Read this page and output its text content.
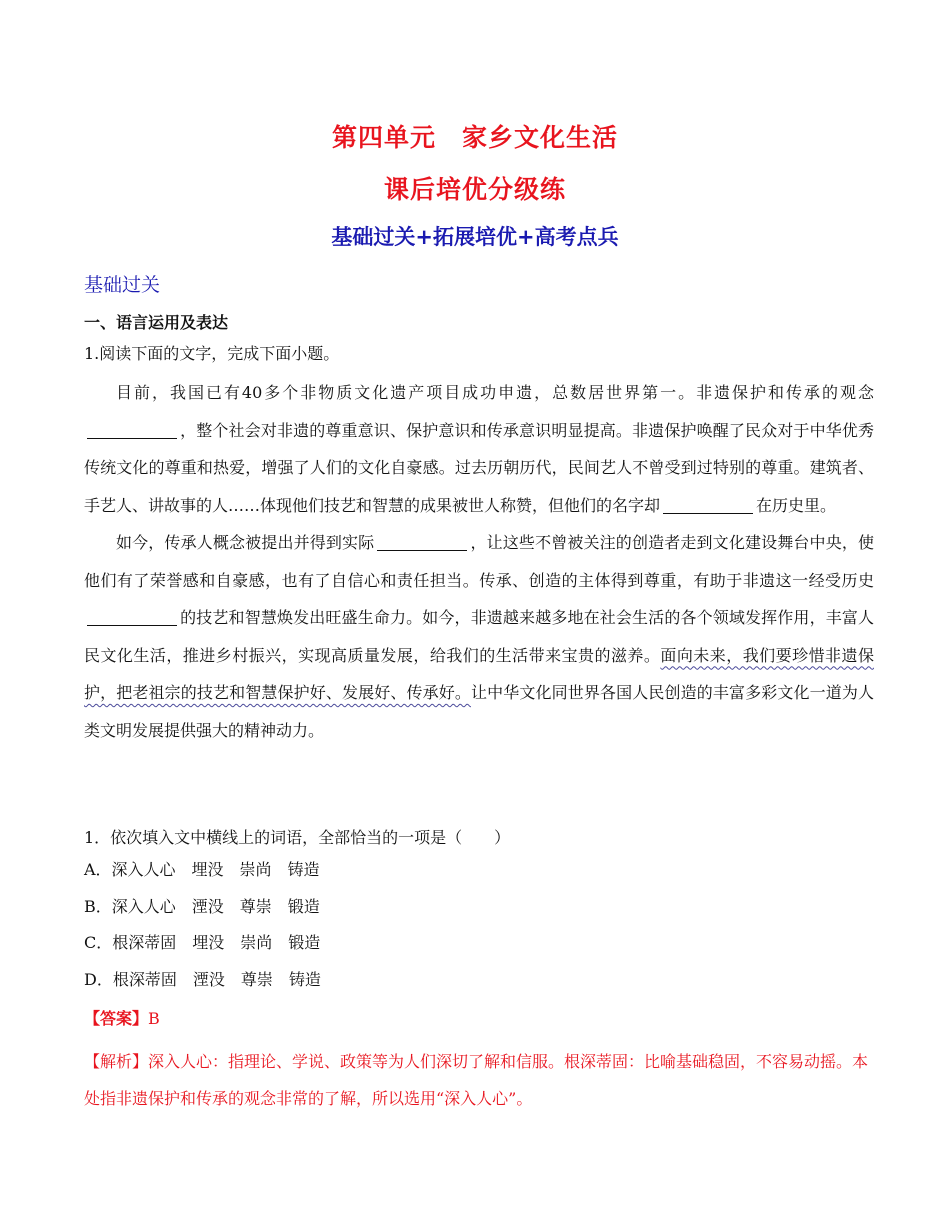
第四单元　家乡文化生活
课后培优分级练
基础过关+拓展培优+高考点兵
基础过关
一、语言运用及表达
1.阅读下面的文字，完成下面小题。

目前，我国已有40多个非物质文化遗产项目成功申遗，总数居世界第一。非遗保护和传承的观念，整个社会对非遗的尊重意识、保护意识和传承意识明显提高。非遗保护唤醒了民众对于中华优秀传统文化的尊重和热爱，增强了人们的文化自豪感。过去历朝历代，民间艺人不曾受到过特别的尊重。建筑者、手艺人、讲故事的人……体现他们技艺和智慧的成果被世人称赞，但他们的名字却	在历史里。

如今，传承人概念被提出并得到实际	，让这些不曾被关注的创造者走到文化建设舞台中央，使他们有了荣誉感和自豪感，也有了自信心和责任担当。传承、创造的主体得到尊重，有助于非遗这一经受历史的技艺和智慧焕发出旺盛生命力。如今，非遗越来越多地在社会生活的各个领域发挥作用，丰富人民文化生活，推进乡村振兴，实现高质量发展，给我们的生活带来宝贵的滋养。面向未来，我们要珍惜非遗保护，把老祖宗的技艺和智慧保护好、发展好、传承好。让中华文化同世界各国人民创造的丰富多彩文化一道为人类文明发展提供强大的精神动力。

1．依次填入文中横线上的词语，全部恰当的一项是（　　）
A．深入人心　埋没　崇尚　铸造
B．深入人心　湮没　尊崇　锻造
C．根深蒂固　埋没　崇尚　锻造
D．根深蒂固　湮没　尊崇　铸造
【答案】B
【解析】深入人心：指理论、学说、政策等为人们深切了解和信服。根深蒂固：比喻基础稳固，不容易动摇。本处指非遗保护和传承的观念非常的了解，所以选用“深入人心”。
